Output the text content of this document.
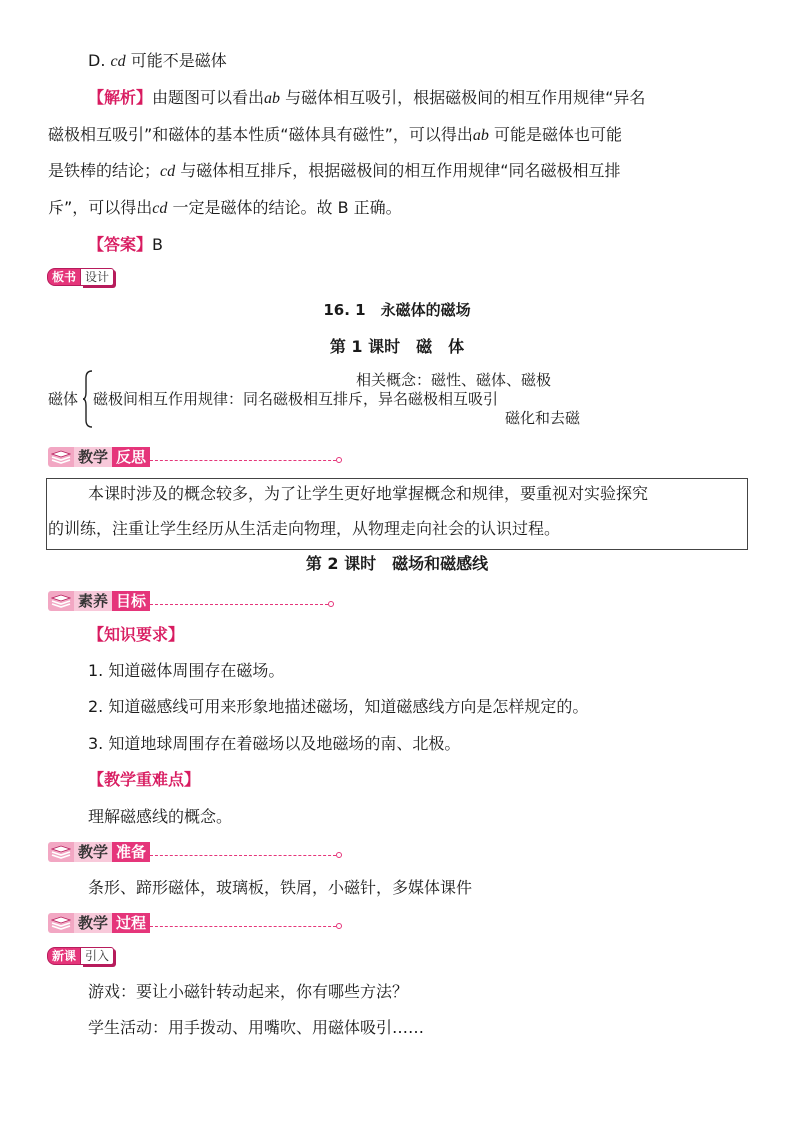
D. cd 可能不是磁体
【解析】由题图可以看出ab 与磁体相互吸引，根据磁极间的相互作用规律“异名
磁极相互吸引”和磁体的基本性质“磁体具有磁性”，可以得出ab 可能是磁体也可能
是铁棒的结论；cd 与磁体相互排斥，根据磁极间的相互作用规律“同名磁极相互排
斥”，可以得出cd 一定是磁体的结论。故 B 正确。
【答案】B
板书 设计
16. 1　永磁体的磁场
第 1 课时　磁　体
磁体
相关概念：磁性、磁体、磁极
磁极间相互作用规律：同名磁极相互排斥，异名磁极相互吸引
磁化和去磁
教学 反思
本课时涉及的概念较多，为了让学生更好地掌握概念和规律，要重视对实验探究
的训练，注重让学生经历从生活走向物理，从物理走向社会的认识过程。
第 2 课时　磁场和磁感线
素养 目标
【知识要求】
1. 知道磁体周围存在磁场。
2. 知道磁感线可用来形象地描述磁场，知道磁感线方向是怎样规定的。
3. 知道地球周围存在着磁场以及地磁场的南、北极。
【教学重难点】
理解磁感线的概念。
教学 准备
条形、蹄形磁体，玻璃板，铁屑，小磁针，多媒体课件
教学 过程
新课 引入
游戏：要让小磁针转动起来，你有哪些方法？
学生活动：用手拨动、用嘴吹、用磁体吸引……
